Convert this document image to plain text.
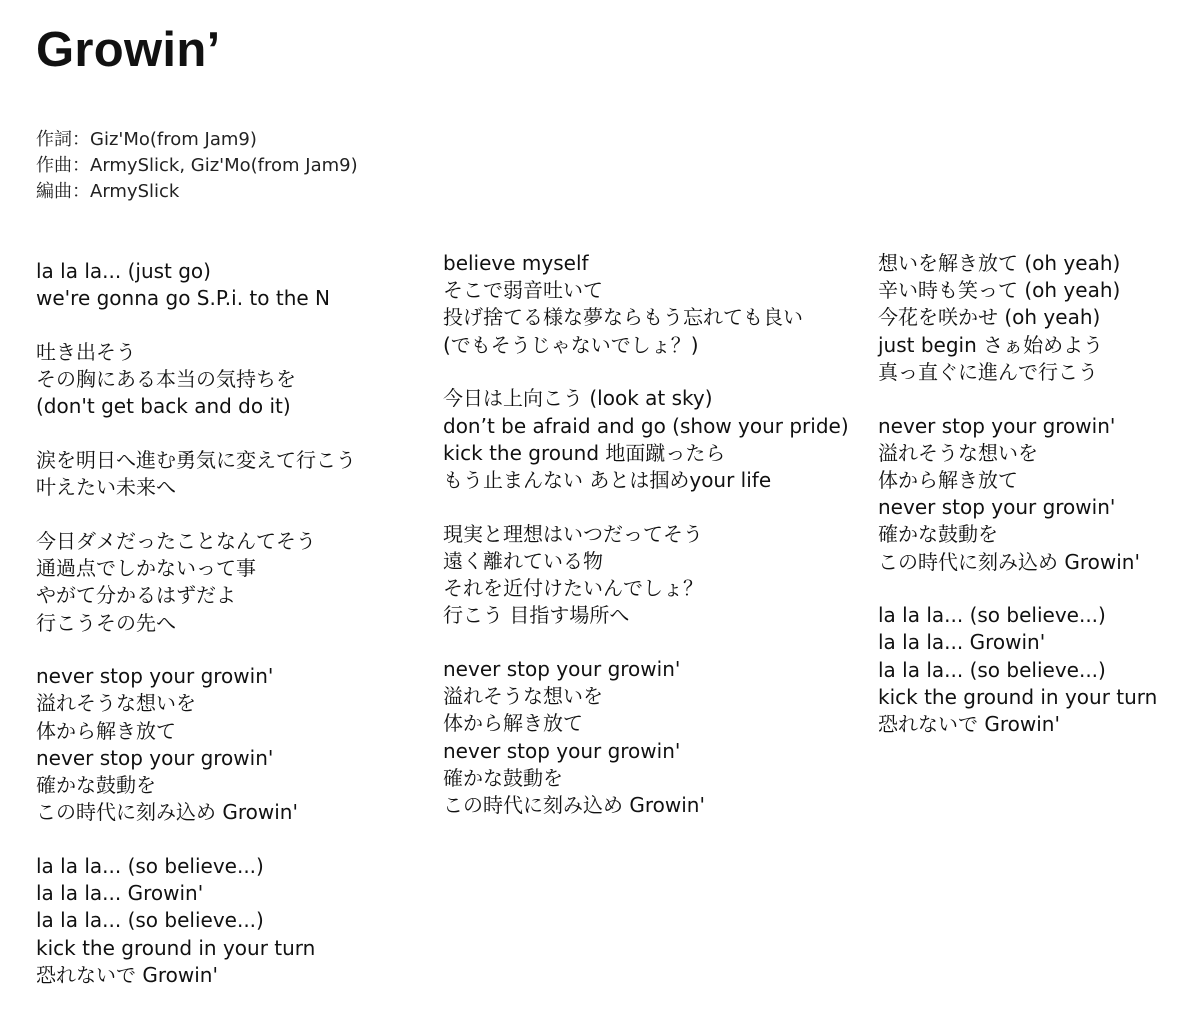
Growin’
作詞：Giz'Mo(from Jam9)
作曲：ArmySlick, Giz'Mo(from Jam9)
編曲：ArmySlick
la la la... (just go)
we're gonna go S.P.i. to the N
吐き出そう
その胸にある本当の気持ちを
(don't get back and do it)
涙を明日へ進む勇気に変えて行こう
叶えたい未来へ
今日ダメだったことなんてそう
通過点でしかないって事
やがて分かるはずだよ
行こうその先へ
never stop your growin'
溢れそうな想いを
体から解き放て
never stop your growin'
確かな鼓動を
この時代に刻み込め Growin'
la la la... (so believe...)
la la la... Growin'
la la la... (so believe...)
kick the ground in your turn
恐れないで Growin'
believe myself
そこで弱音吐いて
投げ捨てる様な夢ならもう忘れても良い
(でもそうじゃないでしょ？)
今日は上向こう (look at sky)
don’t be afraid and go (show your pride)
kick the ground 地面蹴ったら
もう止まんない あとは掴めyour life
現実と理想はいつだってそう
遠く離れている物
それを近付けたいんでしょ？
行こう 目指す場所へ
never stop your growin'
溢れそうな想いを
体から解き放て
never stop your growin'
確かな鼓動を
この時代に刻み込め Growin'
想いを解き放て (oh yeah)
辛い時も笑って (oh yeah)
今花を咲かせ (oh yeah)
just begin さぁ始めよう
真っ直ぐに進んで行こう
never stop your growin'
溢れそうな想いを
体から解き放て
never stop your growin'
確かな鼓動を
この時代に刻み込め Growin'
la la la... (so believe...)
la la la... Growin'
la la la... (so believe...)
kick the ground in your turn
恐れないで Growin'
